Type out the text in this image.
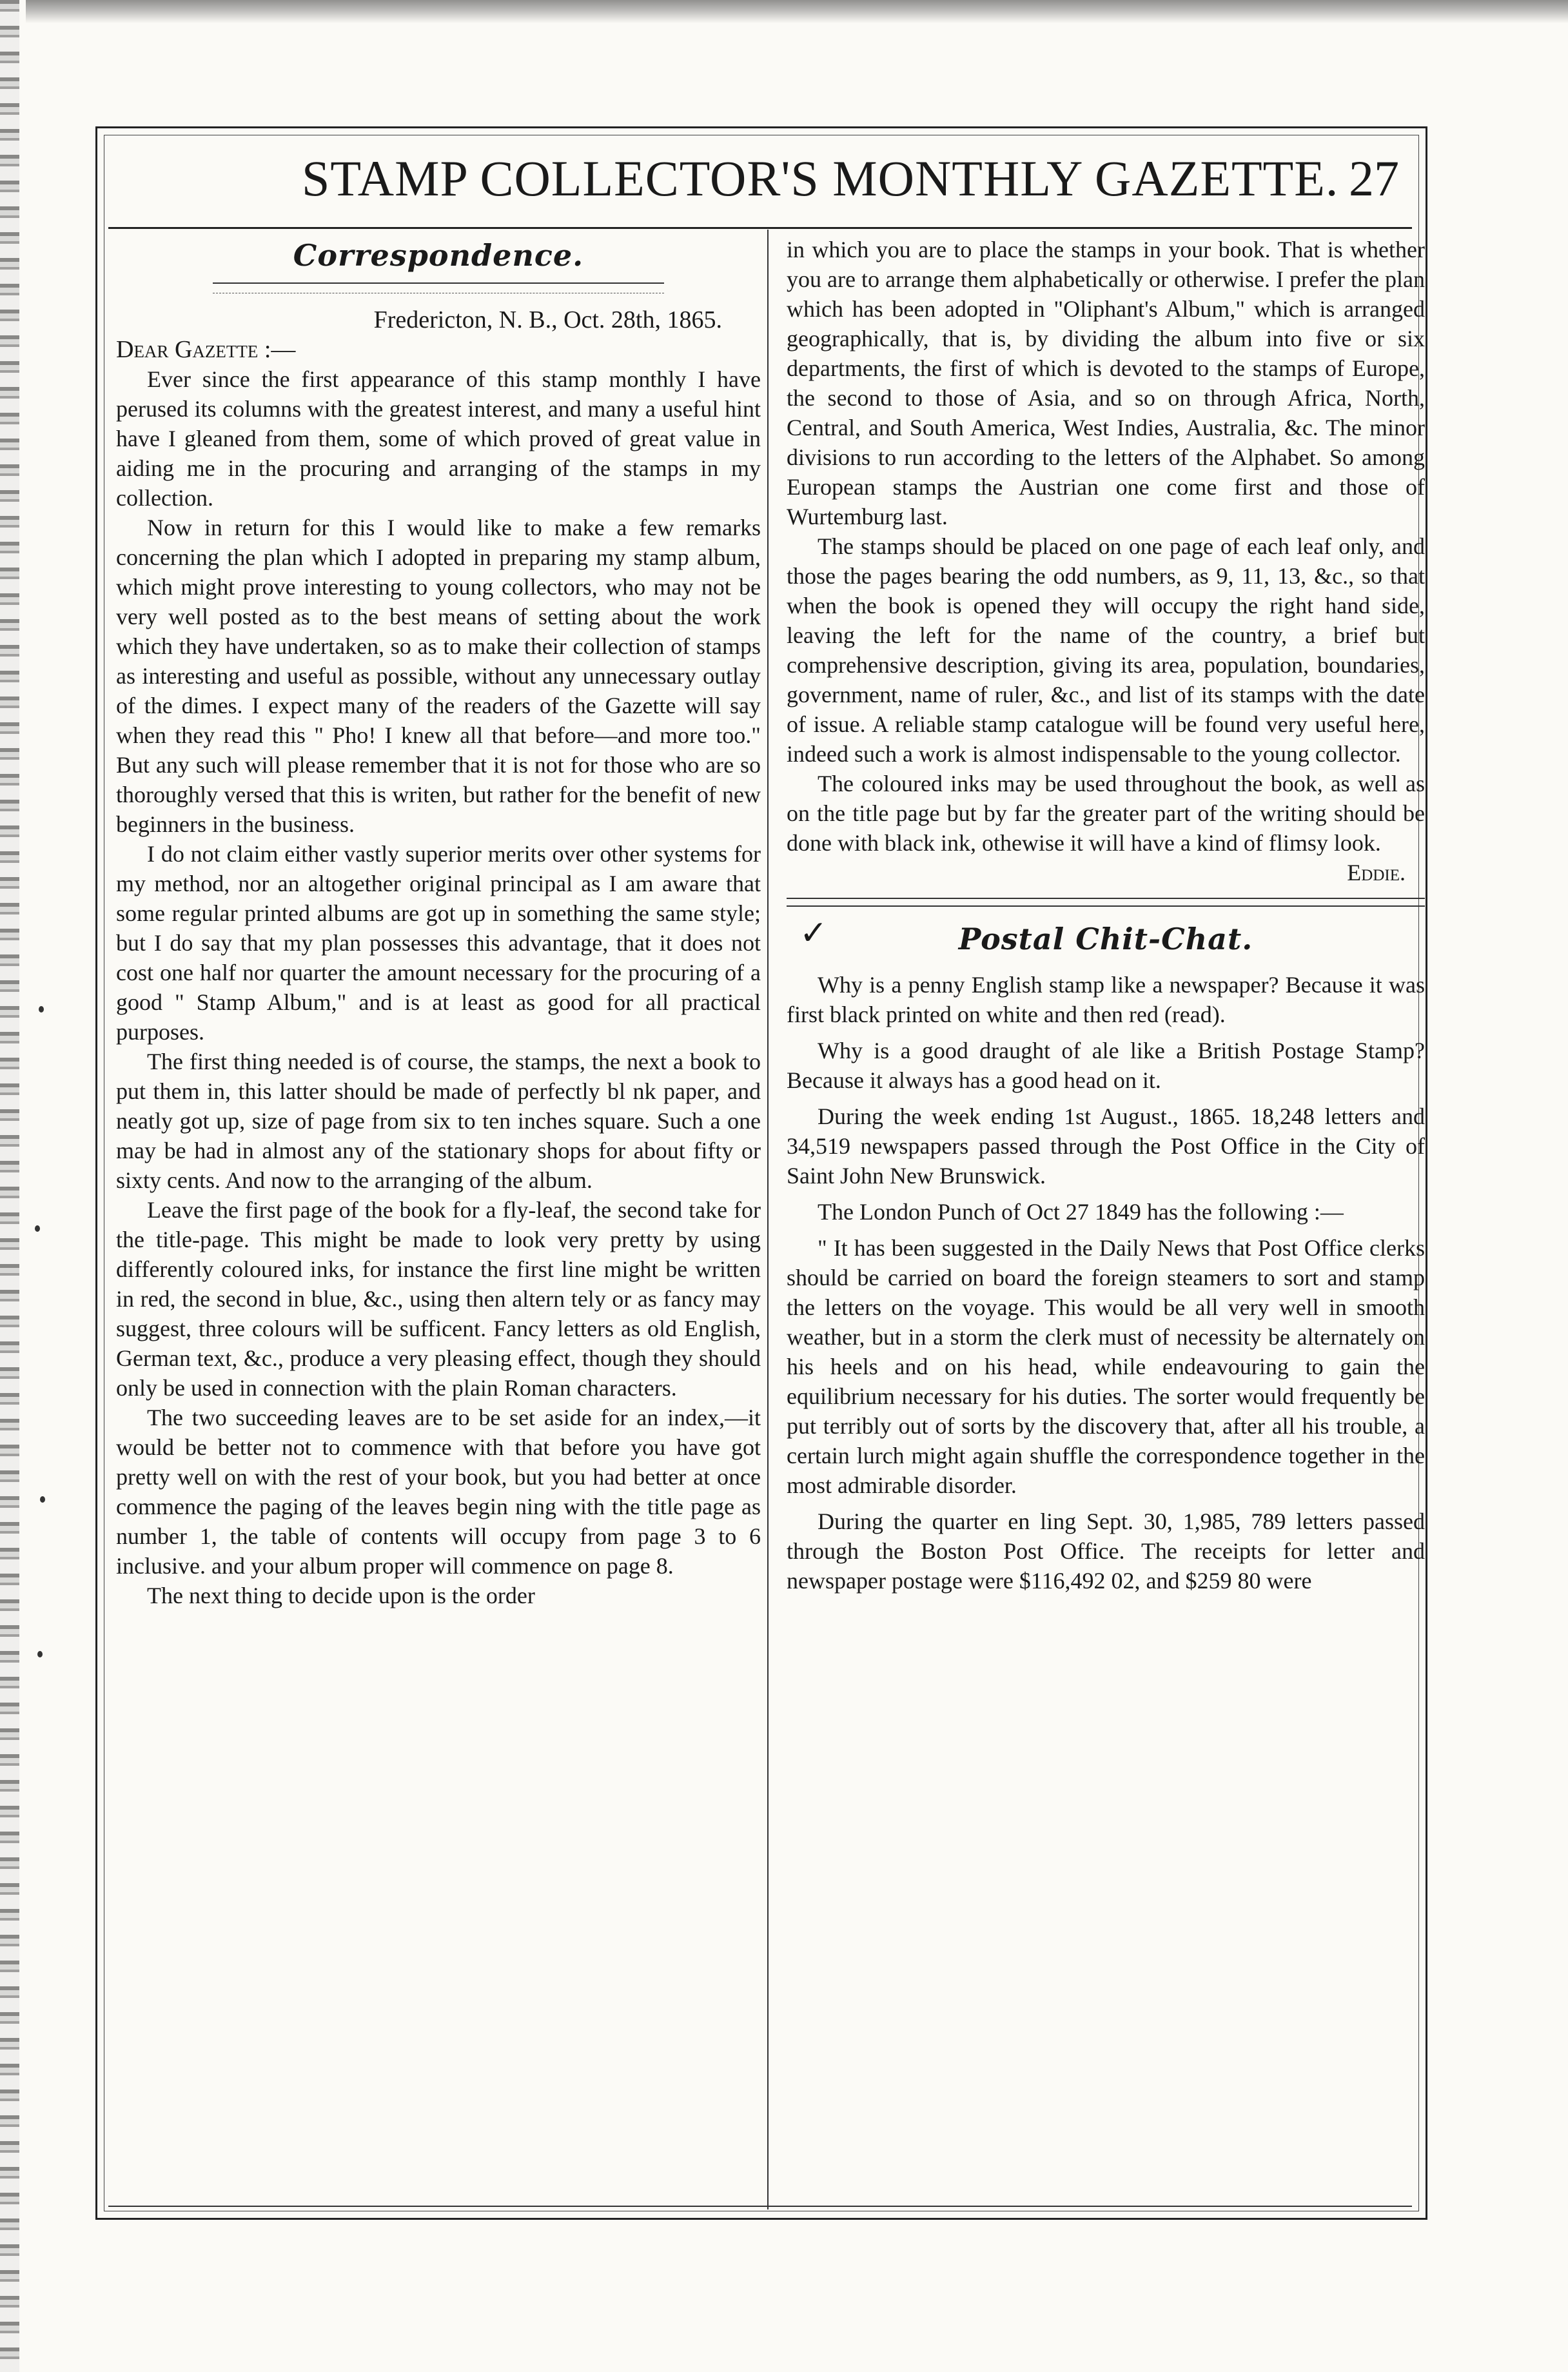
STAMP COLLECTOR'S MONTHLY GAZETTE. 27
Correspondence.

Fredericton, N. B., Oct. 28th, 1865.

Dear Gazette :—

Ever since the first appearance of this stamp monthly I have perused its columns with the greatest interest, and many a useful hint have I gleaned from them, some of which proved of great value in aiding me in the procuring and arranging of the stamps in my collection.

Now in return for this I would like to make a few remarks concerning the plan which I adopted in preparing my stamp album, which might prove interesting to young collectors, who may not be very well posted as to the best means of setting about the work which they have undertaken, so as to make their collection of stamps as interesting and useful as possible, without any unnecessary outlay of the dimes. I expect many of the readers of the Gazette will say when they read this " Pho! I knew all that before—and more too." But any such will please remember that it is not for those who are so thoroughly versed that this is writen, but rather for the benefit of new beginners in the business.

I do not claim either vastly superior merits over other systems for my method, nor an altogether original principal as I am aware that some regular printed albums are got up in something the same style; but I do say that my plan possesses this advantage, that it does not cost one half nor quarter the amount necessary for the procuring of a good " Stamp Album," and is at least as good for all practical purposes.

The first thing needed is of course, the stamps, the next a book to put them in, this latter should be made of perfectly bl nk paper, and neatly got up, size of page from six to ten inches square. Such a one may be had in almost any of the stationary shops for about fifty or sixty cents. And now to the arranging of the album.

Leave the first page of the book for a fly-leaf, the second take for the title-page. This might be made to look very pretty by using differently coloured inks, for instance the first line might be written in red, the second in blue, &c., using then altern tely or as fancy may suggest, three colours will be sufficent. Fancy letters as old English, German text, &c., produce a very pleasing effect, though they should only be used in connection with the plain Roman characters.

The two succeeding leaves are to be set aside for an index,—it would be better not to commence with that before you have got pretty well on with the rest of your book, but you had better at once commence the paging of the leaves begin ning with the title page as number 1, the table of contents will occupy from page 3 to 6 inclusive. and your album proper will commence on page 8.

The next thing to decide upon is the order

in which you are to place the stamps in your book. That is whether you are to arrange them alphabetically or otherwise. I prefer the plan which has been adopted in "Oliphant's Album," which is arranged geographically, that is, by dividing the album into five or six departments, the first of which is devoted to the stamps of Europe, the second to those of Asia, and so on through Africa, North, Central, and South America, West Indies, Australia, &c. The minor divisions to run according to the letters of the Alphabet. So among European stamps the Austrian one come first and those of Wurtemburg last.

The stamps should be placed on one page of each leaf only, and those the pages bearing the odd numbers, as 9, 11, 13, &c., so that when the book is opened they will occupy the right hand side, leaving the left for the name of the country, a brief but comprehensive description, giving its area, population, boundaries, government, name of ruler, &c., and list of its stamps with the date of issue. A reliable stamp catalogue will be found very useful here, indeed such a work is almost indispensable to the young collector.

The coloured inks may be used throughout the book, as well as on the title page but by far the greater part of the writing should be done with black ink, othewise it will have a kind of flimsy look.

Eddie.

✓	Postal Chit-Chat.

Why is a penny English stamp like a newspaper? Because it was first black printed on white and then red (read).

Why is a good draught of ale like a British Postage Stamp? Because it always has a good head on it.

During the week ending 1st August., 1865. 18,248 letters and 34,519 newspapers passed through the Post Office in the City of Saint John New Brunswick.

The London Punch of Oct 27 1849 has the following :—

" It has been suggested in the Daily News that Post Office clerks should be carried on board the foreign steamers to sort and stamp the letters on the voyage. This would be all very well in smooth weather, but in a storm the clerk must of necessity be alternately on his heels and on his head, while endeavouring to gain the equilibrium necessary for his duties. The sorter would frequently be put terribly out of sorts by the discovery that, after all his trouble, a certain lurch might again shuffle the correspondence together in the most admirable disorder.

During the quarter en ling Sept. 30, 1,985, 789 letters passed through the Boston Post Office. The receipts for letter and newspaper postage were $116,492 02, and $259 80 were
